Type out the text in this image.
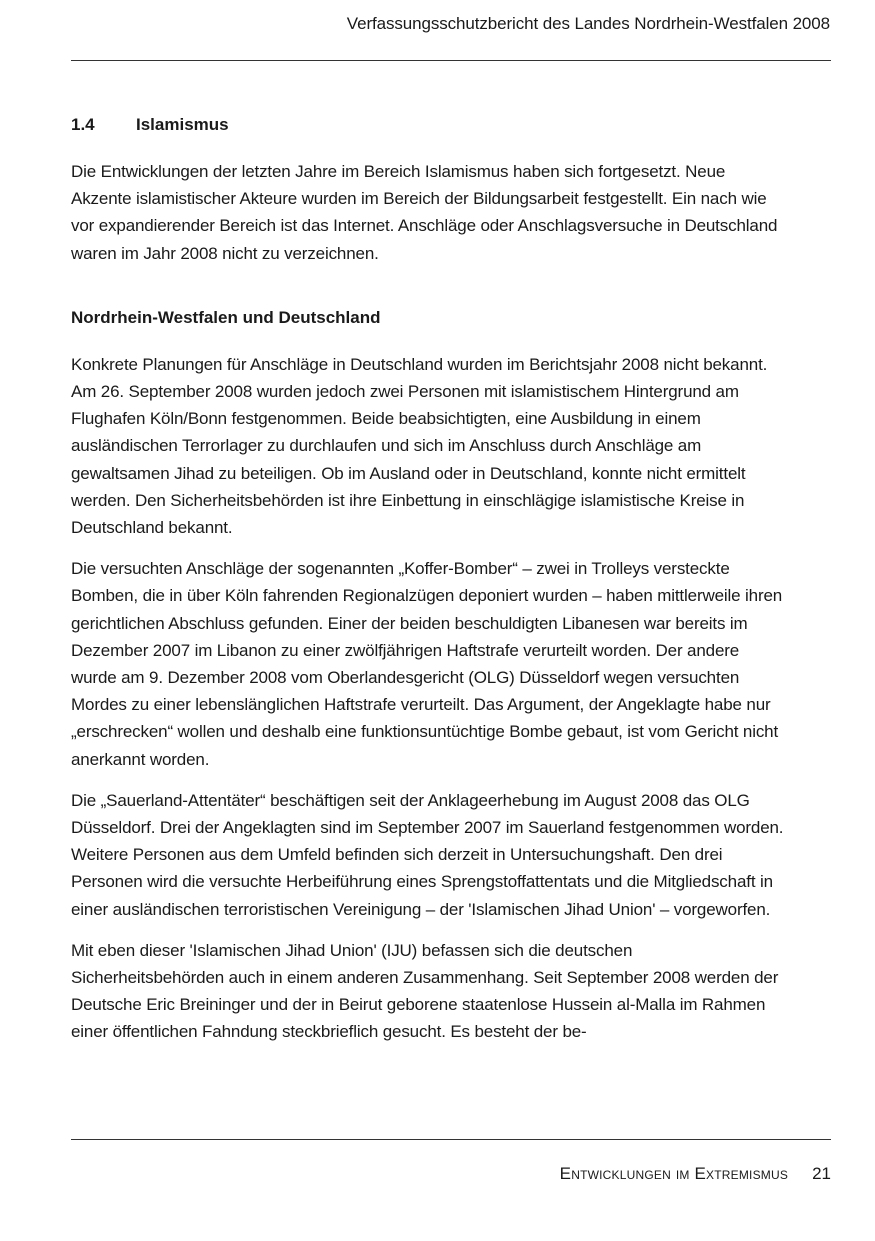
Verfassungsschutzbericht des Landes Nordrhein-Westfalen 2008
1.4 Islamismus

Die Entwicklungen der letzten Jahre im Bereich Islamismus haben sich fortgesetzt. Neue Akzente islamistischer Akteure wurden im Bereich der Bildungsarbeit festgestellt. Ein nach wie vor expandierender Bereich ist das Internet. Anschläge oder Anschlagsversuche in Deutschland waren im Jahr 2008 nicht zu verzeichnen.

Nordrhein-Westfalen und Deutschland

Konkrete Planungen für Anschläge in Deutschland wurden im Berichtsjahr 2008 nicht bekannt. Am 26. September 2008 wurden jedoch zwei Personen mit islamistischem Hintergrund am Flughafen Köln/Bonn festgenommen. Beide beabsichtigten, eine Ausbildung in einem ausländischen Terrorlager zu durchlaufen und sich im Anschluss durch Anschläge am gewaltsamen Jihad zu beteiligen. Ob im Ausland oder in Deutschland, konnte nicht ermittelt werden. Den Sicherheitsbehörden ist ihre Einbettung in einschlägige islamistische Kreise in Deutschland bekannt.

Die versuchten Anschläge der sogenannten „Koffer-Bomber“ – zwei in Trolleys versteckte Bomben, die in über Köln fahrenden Regionalzügen deponiert wurden – haben mittlerweile ihren gerichtlichen Abschluss gefunden. Einer der beiden beschuldigten Libanesen war bereits im Dezember 2007 im Libanon zu einer zwölfjährigen Haftstrafe verurteilt worden. Der andere wurde am 9. Dezember 2008 vom Oberlandesgericht (OLG) Düsseldorf wegen versuchten Mordes zu einer lebenslänglichen Haftstrafe verurteilt. Das Argument, der Angeklagte habe nur „erschrecken“ wollen und deshalb eine funktionsuntüchtige Bombe gebaut, ist vom Gericht nicht anerkannt worden.

Die „Sauerland-Attentäter“ beschäftigen seit der Anklageerhebung im August 2008 das OLG Düsseldorf. Drei der Angeklagten sind im September 2007 im Sauerland festgenommen worden. Weitere Personen aus dem Umfeld befinden sich derzeit in Untersuchungshaft. Den drei Personen wird die versuchte Herbeiführung eines Sprengstoffattentats und die Mitgliedschaft in einer ausländischen terroristischen Vereinigung – der 'Islamischen Jihad Union' – vorgeworfen.

Mit eben dieser 'Islamischen Jihad Union' (IJU) befassen sich die deutschen Sicherheitsbehörden auch in einem anderen Zusammenhang. Seit September 2008 werden der Deutsche Eric Breininger und der in Beirut geborene staatenlose Hussein al-Malla im Rahmen einer öffentlichen Fahndung steckbrieflich gesucht. Es besteht der be-

Entwicklungen im Extremismus 21
